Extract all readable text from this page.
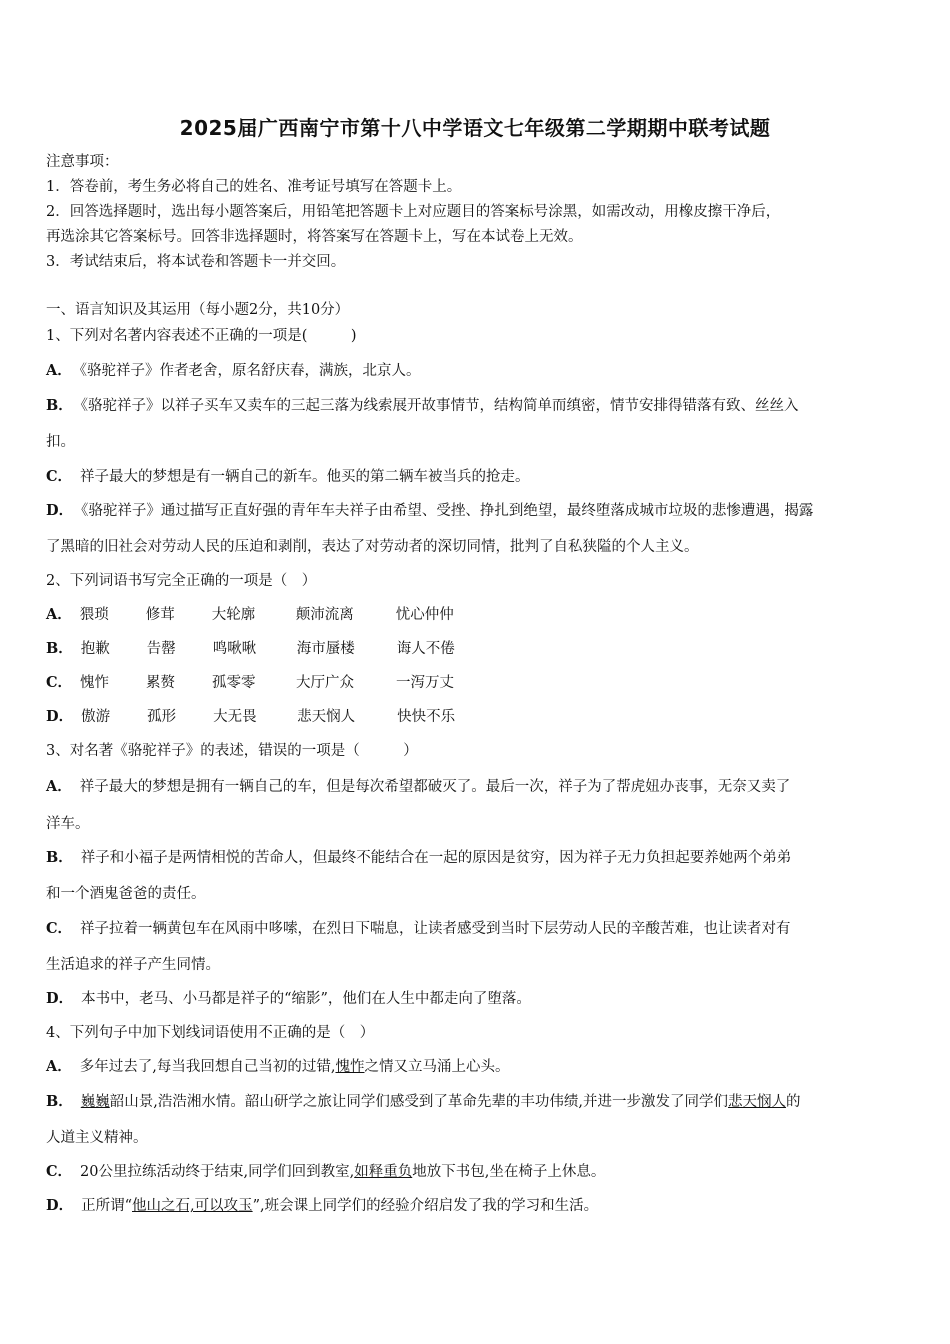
2025届广西南宁市第十八中学语文七年级第二学期期中联考试题
注意事项：
1．答卷前，考生务必将自己的姓名、准考证号填写在答题卡上。
2．回答选择题时，选出每小题答案后，用铅笔把答题卡上对应题目的答案标号涂黑，如需改动，用橡皮擦干净后，
再选涂其它答案标号。回答非选择题时，将答案写在答题卡上，写在本试卷上无效。
3．考试结束后，将本试卷和答题卡一并交回。
一、语言知识及其运用（每小题2分，共10分）
1、下列对名著内容表述不正确的一项是(　　　)
A． 《骆驼祥子》作者老舍，原名舒庆春，满族，北京人。
B． 《骆驼祥子》以祥子买车又卖车的三起三落为线索展开故事情节，结构简单而缜密，情节安排得错落有致、丝丝入
扣。
C． 祥子最大的梦想是有一辆自己的新车。他买的第二辆车被当兵的抢走。
D． 《骆驼祥子》通过描写正直好强的青年车夫祥子由希望、受挫、挣扎到绝望，最终堕落成城市垃圾的悲惨遭遇，揭露
了黑暗的旧社会对劳动人民的压迫和剥削，表达了对劳动者的深切同情，批判了自私狭隘的个人主义。
2、下列词语书写完全正确的一项是（　）
A． 猥琐	修茸	大轮廓	颠沛流离	忧心仲仲
B． 抱歉	告罄	鸣啾啾	海市蜃楼	诲人不倦
C． 愧怍	累赘	孤零零	大厅广众	一泻万丈
D． 傲游	孤形	大无畏	悲天悯人	快快不乐
3、对名著《骆驼祥子》的表述，错误的一项是（　　　）
A． 祥子最大的梦想是拥有一辆自己的车，但是每次希望都破灭了。最后一次，祥子为了帮虎妞办丧事，无奈又卖了
洋车。
B． 祥子和小福子是两情相悦的苦命人，但最终不能结合在一起的原因是贫穷，因为祥子无力负担起要养她两个弟弟
和一个酒鬼爸爸的责任。
C． 祥子拉着一辆黄包车在风雨中哆嗦，在烈日下喘息，让读者感受到当时下层劳动人民的辛酸苦难，也让读者对有
生活追求的祥子产生同情。
D． 本书中，老马、小马都是祥子的“缩影”，他们在人生中都走向了堕落。
4、下列句子中加下划线词语使用不正确的是（　）
A． 多年过去了,每当我回想自己当初的过错,愧怍之情又立马涌上心头。
B． 巍巍韶山景,浩浩湘水情。韶山研学之旅让同学们感受到了革命先辈的丰功伟绩,并进一步激发了同学们悲天悯人的
人道主义精神。
C． 20公里拉练活动终于结束,同学们回到教室,如释重负地放下书包,坐在椅子上休息。
D． 正所谓“他山之石,可以攻玉”,班会课上同学们的经验介绍启发了我的学习和生活。
